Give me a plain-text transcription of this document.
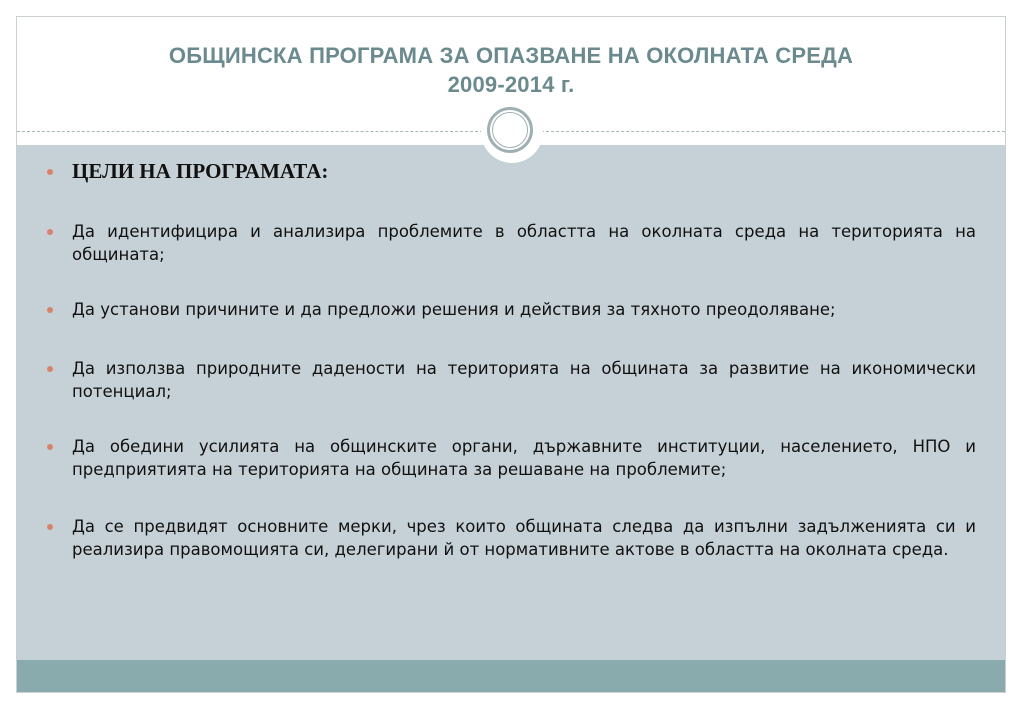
ОБЩИНСКА ПРОГРАМА ЗА ОПАЗВАНЕ НА ОКОЛНАТА СРЕДА
2009-2014 г.
ЦЕЛИ НА ПРОГРАМАТА:
Да идентифицира и анализира проблемите в областта на околната среда на територията на общината;
Да установи причините и да предложи решения и действия за тяхното преодоляване;
Да използва природните дадености на територията на общината за развитие на икономически потенциал;
Да обедини усилията на общинските органи, държавните институции, населението, НПО и предприятията на територията на общината за решаване на проблемите;
Да се предвидят основните мерки, чрез които общината следва да изпълни задълженията си и реализира правомощията си, делегирани й от нормативните актове в областта на околната среда.
